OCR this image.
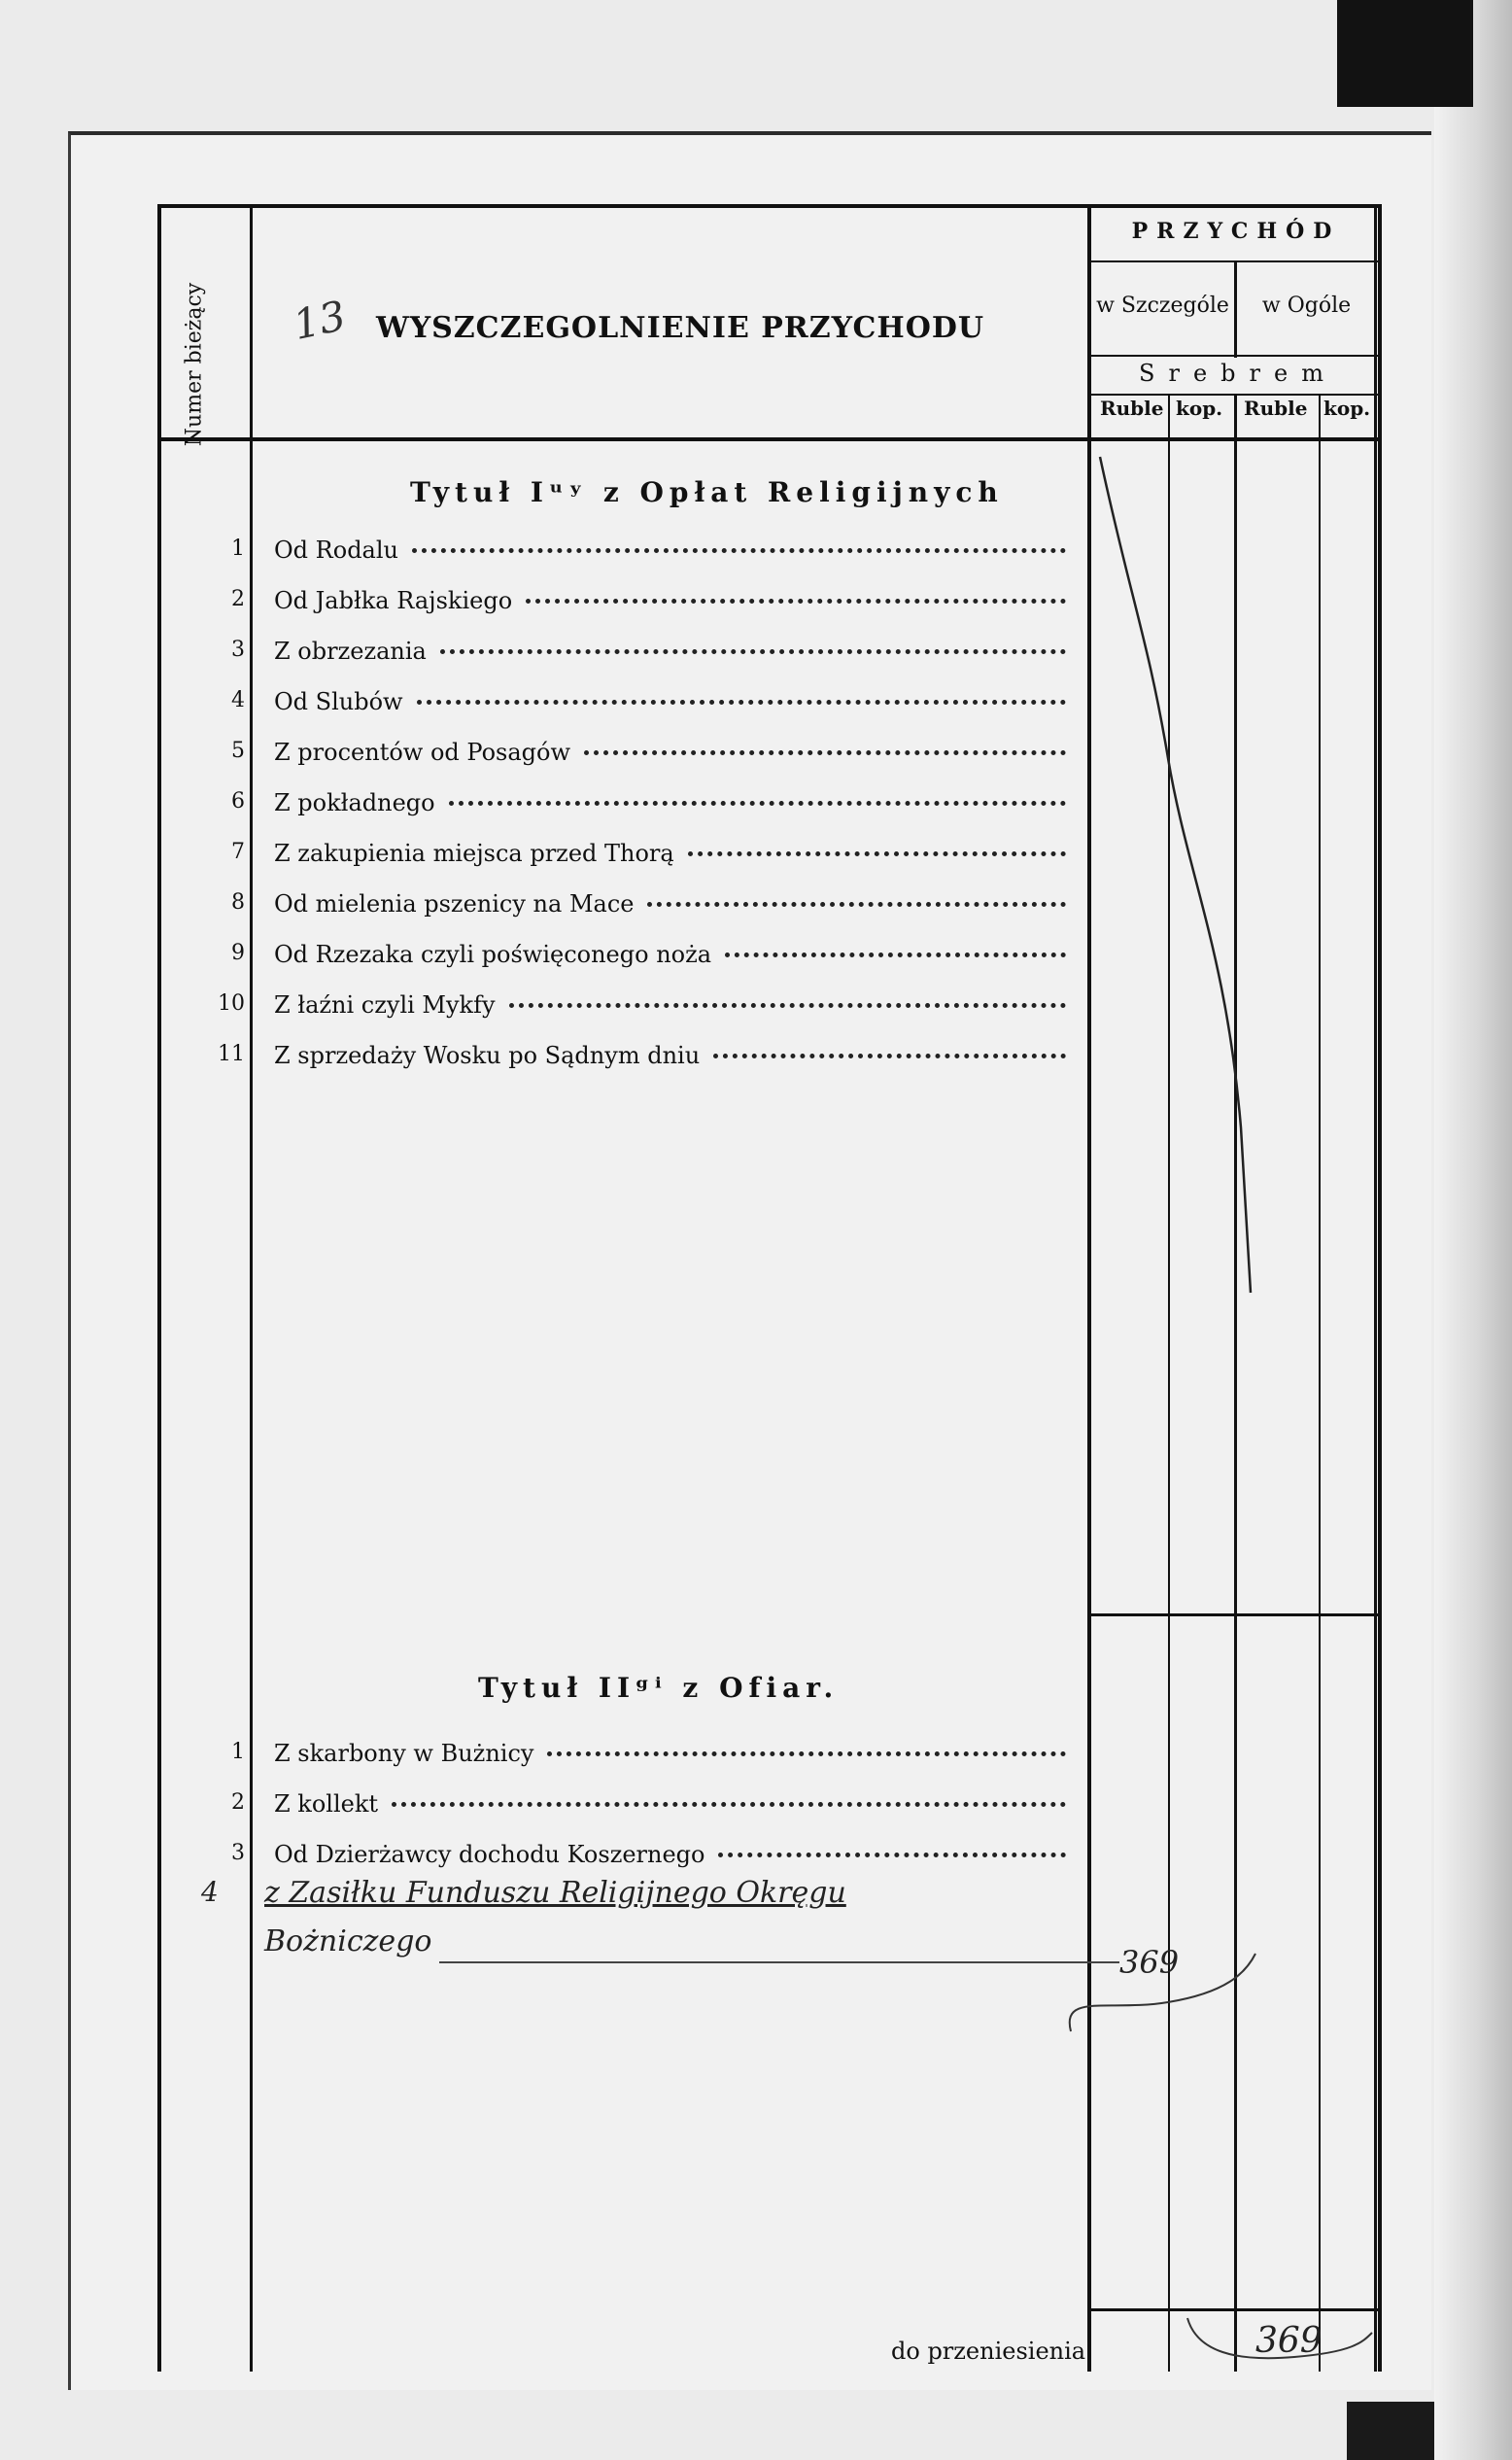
Numer bieżący 13 WYSZCZEGOLNIENIE PRZYCHODU
PRZYCHÓD
w Szczególe	w Ogóle
Srebrem
Ruble kop. Ruble kop.
Tytuł Iᵘʸ z Opłat Religijnych
1 Od Rodalu
2 Od Jabłka Rajskiego
3 Z obrzezania
4 Od Slubów
5 Z procentów od Posagów
6 Z pokładnego
7 Z zakupienia miejsca przed Thorą
8 Od mielenia pszenicy na Mace
9 Od Rzezaka czyli poświęconego noża
10 Z łaźni czyli Mykfy
11 Z sprzedaży Wosku po Sądnym dniu
Tytuł IIᵍⁱ z Ofiar.
1 Z skarbony w Bużnicy
2 Z kollekt
3 Od Dzierżawcy dochodu Koszernego
4 z Zasiłku Funduszu Religijnego Okręgu
Bożniczego
369
do przeniesienia	369
